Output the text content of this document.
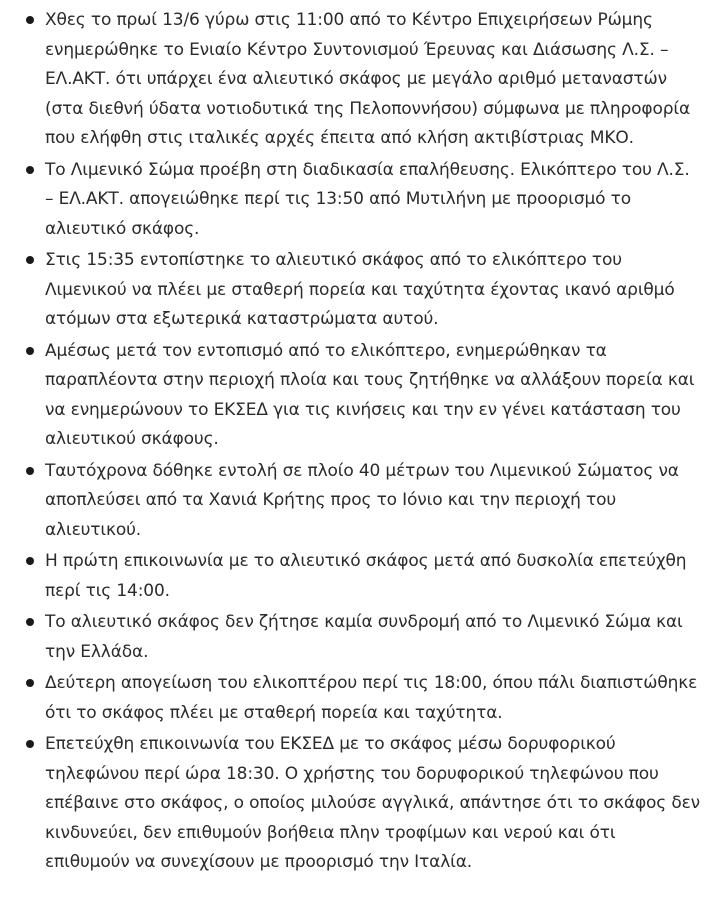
Χθες το πρωί 13/6 γύρω στις 11:00 από το Κέντρο Επιχειρήσεων Ρώμης ενημερώθηκε το Ενιαίο Κέντρο Συντονισμού Έρευνας και Διάσωσης Λ.Σ. – ΕΛ.ΑΚΤ. ότι υπάρχει ένα αλιευτικό σκάφος με μεγάλο αριθμό μεταναστών (στα διεθνή ύδατα νοτιοδυτικά της Πελοποννήσου) σύμφωνα με πληροφορία που ελήφθη στις ιταλικές αρχές έπειτα από κλήση ακτιβίστριας ΜΚΟ.
Το Λιμενικό Σώμα προέβη στη διαδικασία επαλήθευσης. Ελικόπτερο του Λ.Σ. – ΕΛ.ΑΚΤ. απογειώθηκε περί τις 13:50 από Μυτιλήνη με προορισμό το αλιευτικό σκάφος.
Στις 15:35 εντοπίστηκε το αλιευτικό σκάφος από το ελικόπτερο του Λιμενικού να πλέει με σταθερή πορεία και ταχύτητα έχοντας ικανό αριθμό ατόμων στα εξωτερικά καταστρώματα αυτού.
Αμέσως μετά τον εντοπισμό από το ελικόπτερο, ενημερώθηκαν τα παραπλέοντα στην περιοχή πλοία και τους ζητήθηκε να αλλάξουν πορεία και να ενημερώνουν το ΕΚΣΕΔ για τις κινήσεις και την εν γένει κατάσταση του αλιευτικού σκάφους.
Ταυτόχρονα δόθηκε εντολή σε πλοίο 40 μέτρων του Λιμενικού Σώματος να αποπλεύσει από τα Χανιά Κρήτης προς το Ιόνιο και την περιοχή του αλιευτικού.
Η πρώτη επικοινωνία με το αλιευτικό σκάφος μετά από δυσκολία επετεύχθη περί τις 14:00.
Το αλιευτικό σκάφος δεν ζήτησε καμία συνδρομή από το Λιμενικό Σώμα και την Ελλάδα.
Δεύτερη απογείωση του ελικοπτέρου περί τις 18:00, όπου πάλι διαπιστώθηκε ότι το σκάφος πλέει με σταθερή πορεία και ταχύτητα.
Επετεύχθη επικοινωνία του ΕΚΣΕΔ με το σκάφος μέσω δορυφορικού τηλεφώνου περί ώρα 18:30. Ο χρήστης του δορυφορικού τηλεφώνου που επέβαινε στο σκάφος, ο οποίος μιλούσε αγγλικά, απάντησε ότι το σκάφος δεν κινδυνεύει, δεν επιθυμούν βοήθεια πλην τροφίμων και νερού και ότι επιθυμούν να συνεχίσουν με προορισμό την Ιταλία.
